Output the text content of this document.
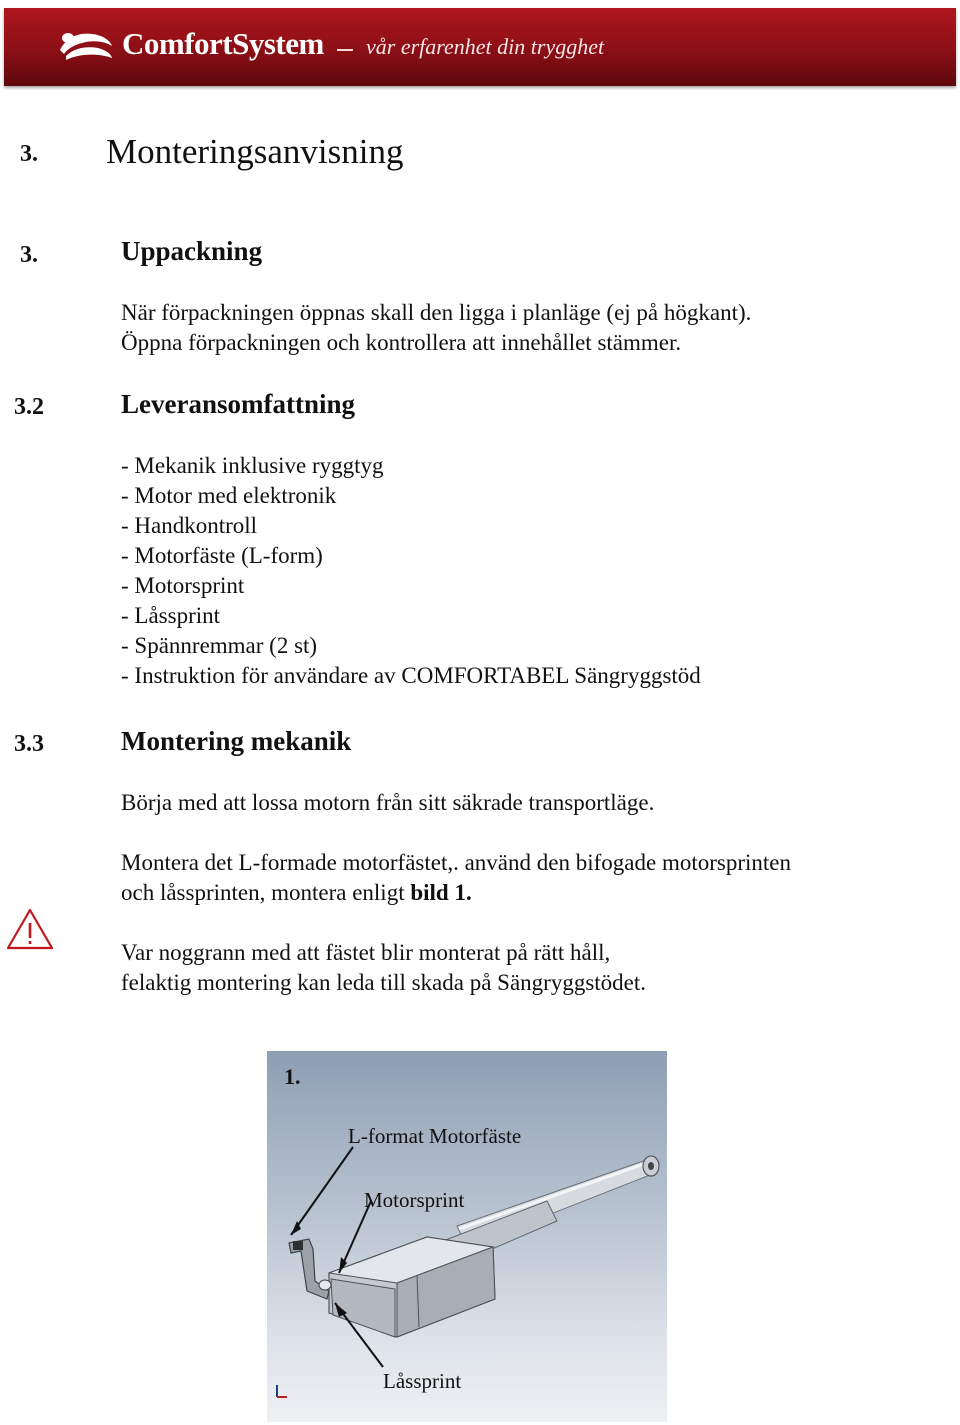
ComfortSystem vår erfarenhet din trygghet
3. Monteringsanvisning
3.	Uppackning
När förpackningen öppnas skall den ligga i planläge (ej på högkant).
Öppna förpackningen och kontrollera att innehållet stämmer.
3.2	Leveransomfattning
- Mekanik inklusive ryggtyg
- Motor med elektronik
- Handkontroll
- Motorfäste (L-form)
- Motorsprint
- Låssprint
- Spännremmar (2 st)
- Instruktion för användare av COMFORTABEL Sängryggstöd
3.3	Montering mekanik
Börja med att lossa motorn från sitt säkrade transportläge.
Montera det L-formade motorfästet,. använd den bifogade motorsprinten
och låssprinten, montera enligt bild 1.
Var noggrann med att fästet blir monterat på rätt håll,
felaktig montering kan leda till skada på Sängryggstödet.
1.
L-format Motorfäste
Motorsprint
Låssprint
